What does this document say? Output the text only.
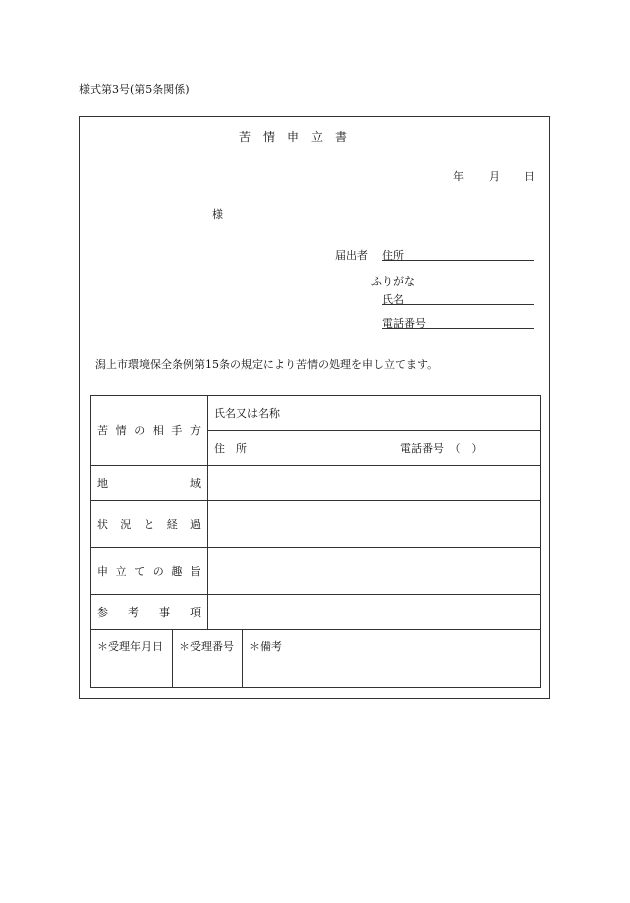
様式第3号(第5条関係)
苦　情　申　立　書
年 月 日
様
届出者 住所
ふりがな
氏名
電話番号
潟上市環境保全条例第15条の規定により苦情の処理を申し立てます。
苦情の相手方	氏名又は名称
	住　所 電話番号　（　）

地域	
状況と経過	
申立ての趣旨	
参考事項	
＊受理年月日	＊受理番号	＊備考
